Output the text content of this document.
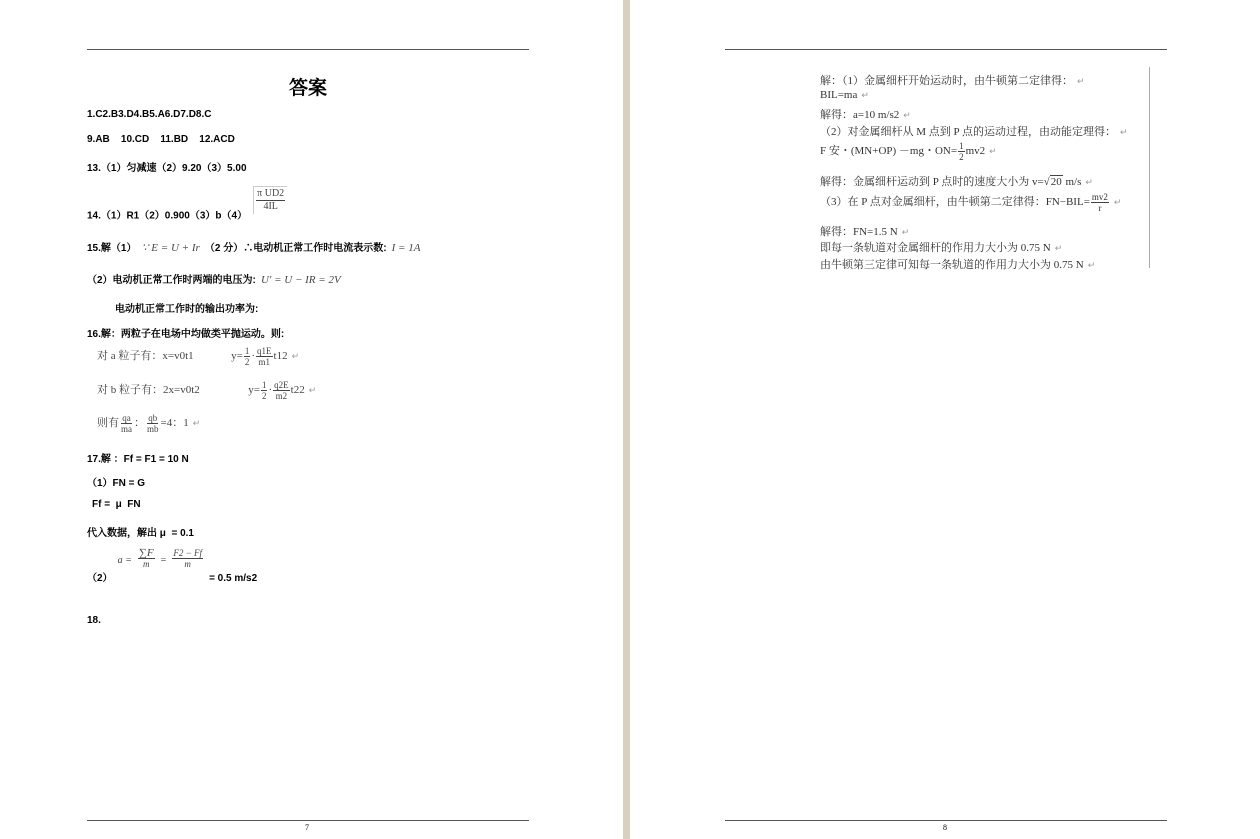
答案
1.C2.B3.D4.B5.A6.D7.D8.C
9.AB    10.CD    11.BD    12.ACD
13.（1）匀减速（2）9.20（3）5.00
$_{14.(1)R1(2)0.900(3)b(4)}$
$\frac{\text{π UD2}}{4IL}$
15.解（1） ∵ E = U + Ir （2 分）∴电动机正常工作时电流表示数: I = 1A
（2）电动机正常工作时两端的电压为: U′ = U − IR = 2V
电动机正常工作时的输出功率为:
16.解：两粒子在电场中均做类平抛运动。则:
对 a 粒子有：x=v0t1	$y= \frac{1}{2} \cdot \frac{q1E}{m1} t12$ ↵
对 b 粒子有：2x=v0t2	$y= \frac{1}{2} \cdot \frac{q2E}{m2} t22$ ↵
则有 $\frac{qa}{ma}$ ： $\frac{qb}{mb} =4$：1 ↵
17.解 ：Ff = F1 = 10 N
（1）FN = G
Ff =  μ  FN
代入数据，解出 μ  = 0.1
$_{(2)}$ $a = \frac{\sum F}{m} = \frac{F2 - Ff}{m}$
$_{= 0.5 m/s2}$
18.
7
解：（1）金属细杆开始运动时，由牛顿第二定律得： ↵
BIL=ma ↵
解得：a=10 m/s2 ↵
（2）对金属细杆从 M 点到 P 点的运动过程，由动能定理得： ↵
F 安・(MN+OP) －mg・$ON= \frac{1}{2} mv2$ ↵
解得：金属细杆运动到 P 点时的速度大小为 v=√20 m/s ↵
（3）在 P 点对金属细杆，由牛顿第二定律得：$FN-BIL= \frac{mv2}{r}$ ↵
解得：FN=1.5 N ↵
即每一条轨道对金属细杆的作用力大小为 0.75 N ↵
由牛顿第三定律可知每一条轨道的作用力大小为 0.75 N ↵
8
